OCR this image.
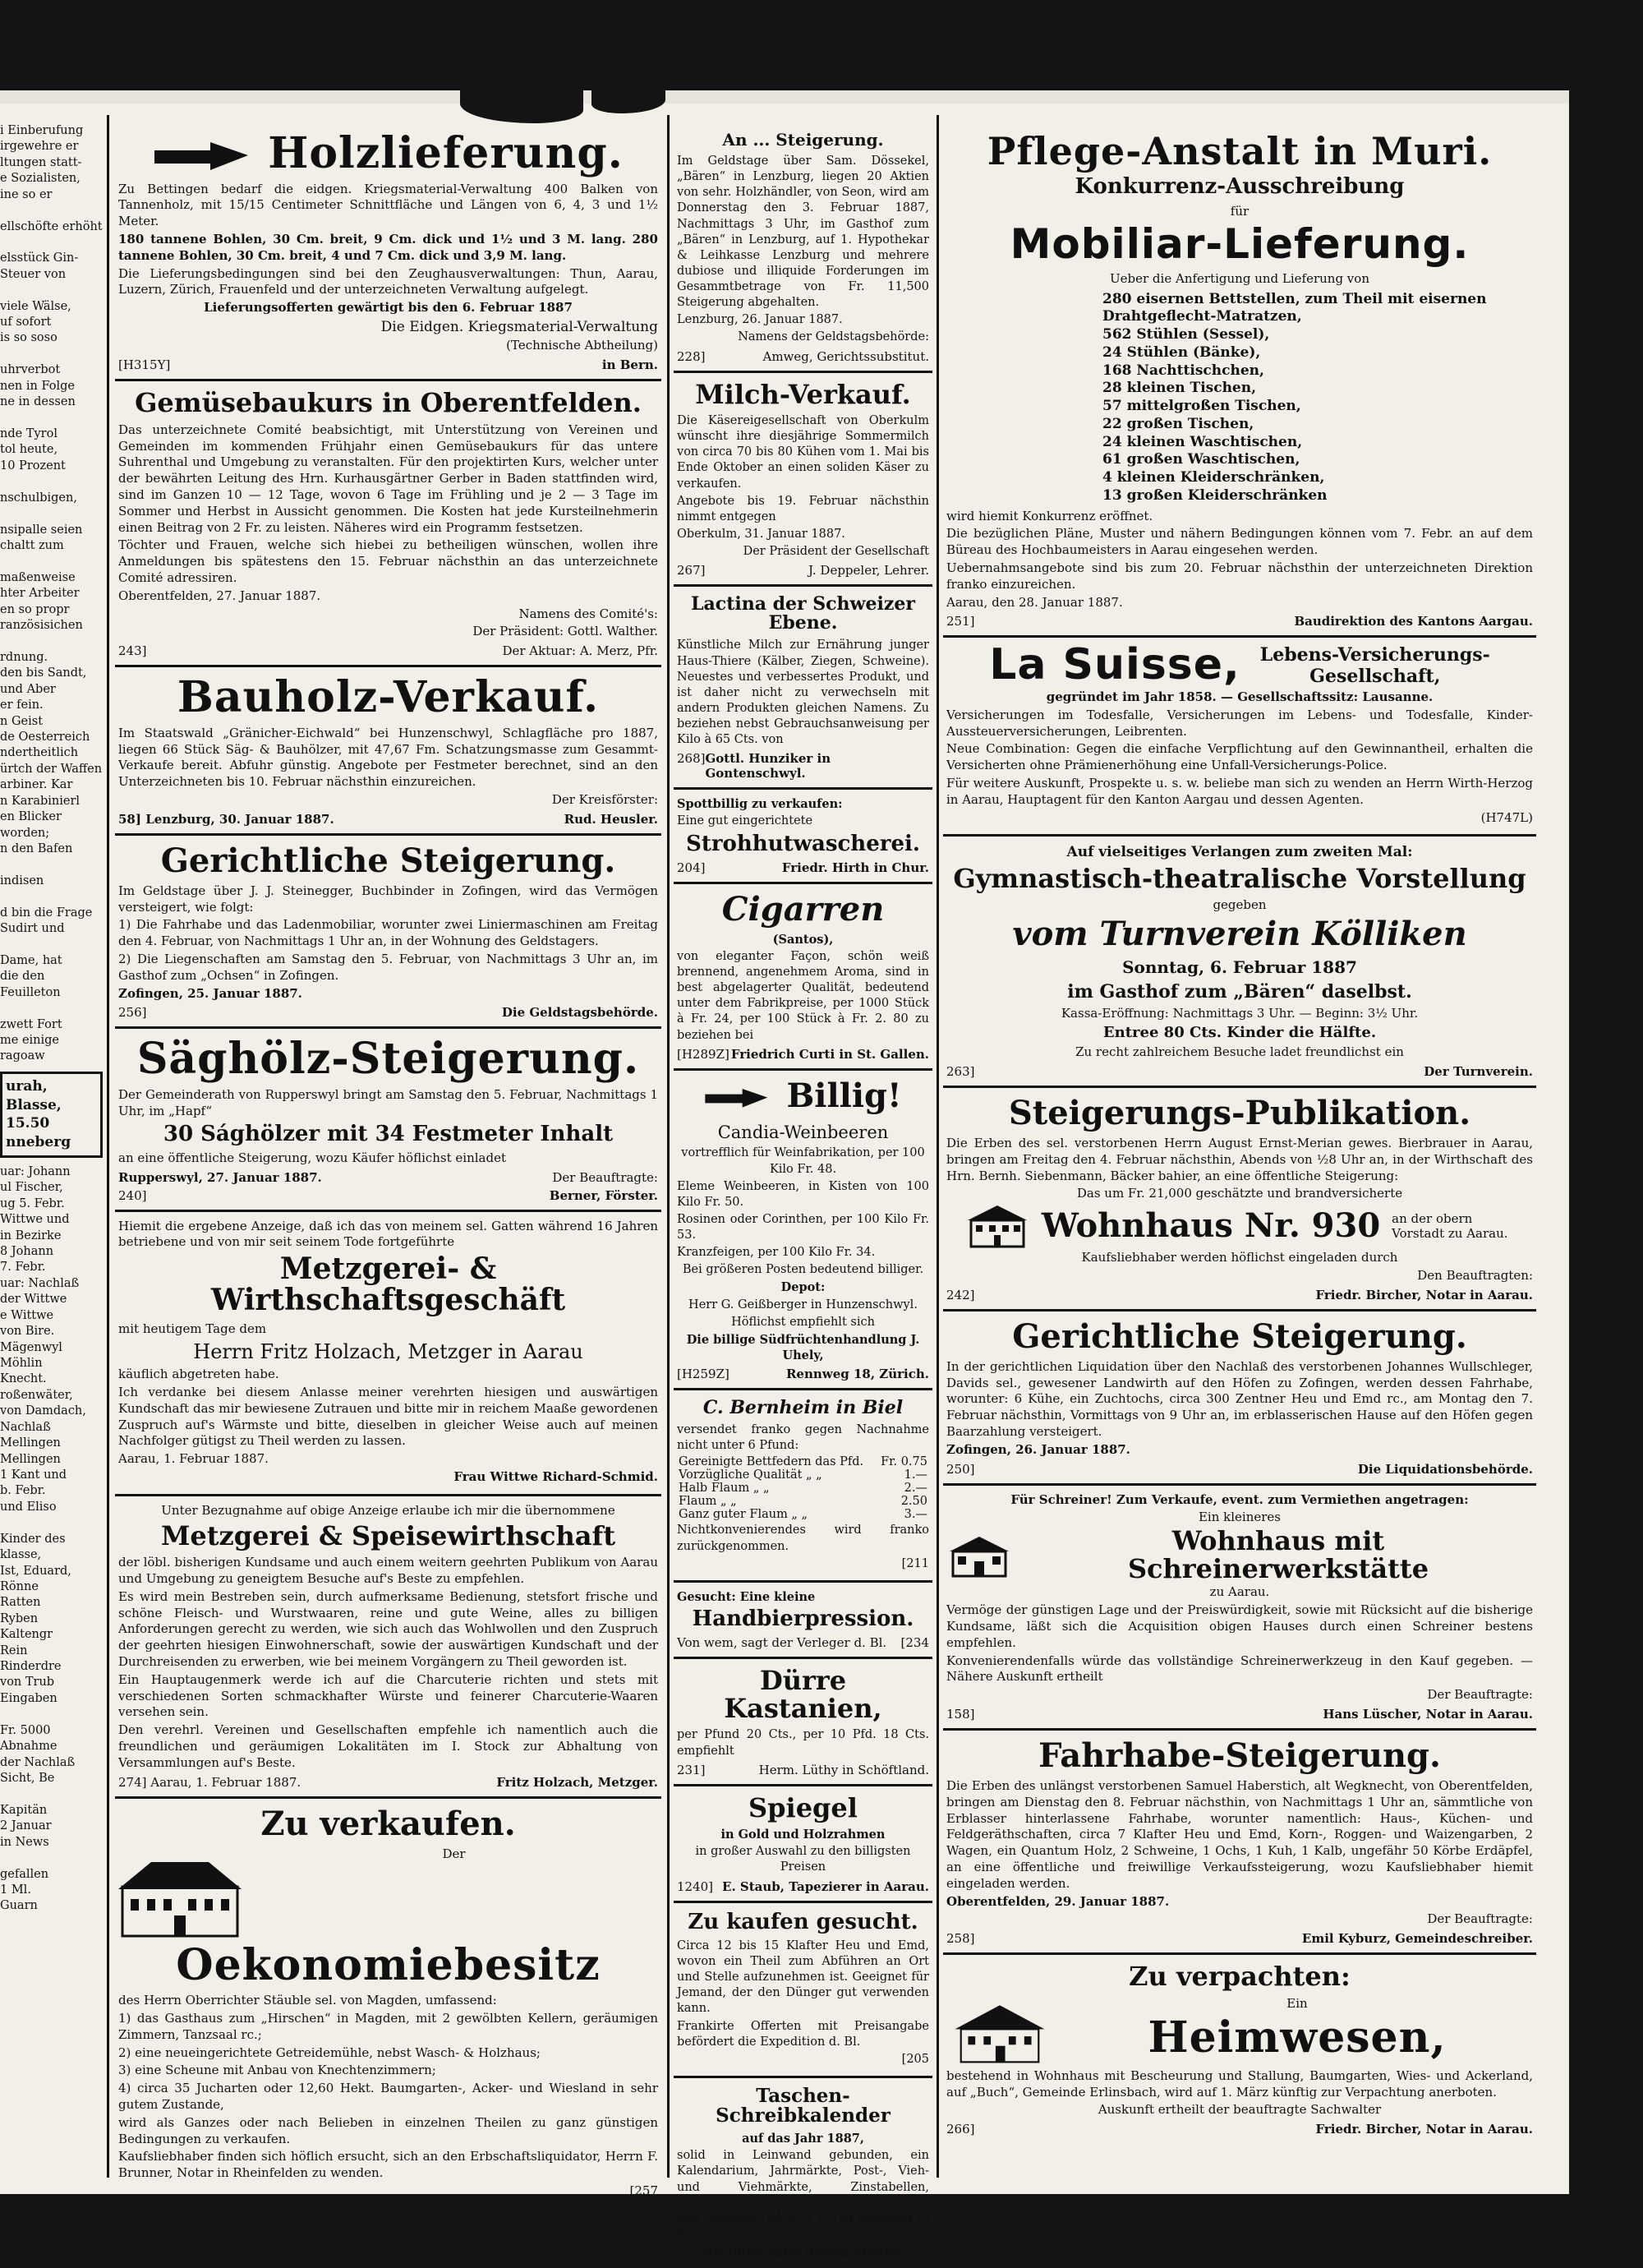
i Einberufung

irgewehre er

ltungen statt-

e Sozialisten,

ine so er

ellschöfte erhöht

elsstück Gin-

Steuer von

viele Wälse,

uf sofort

is so soso

uhrverbot

nen in Folge

ne in dessen

nde Tyrol

tol heute,

10 Prozent

nschulbigen,

nsipalle seien

chaltt zum

maßenweise

hter Arbeiter

en so propr

ranzösisichen

rdnung.

den bis Sandt,

und Aber

er fein.

n Geist

de Oesterreich

ndertheitlich

ürtch der Waffen

arbiner. Kar

n Karabinierl

en Blicker

worden;

n den Bafen

indisen

d bin die Frage

Sudirt und

Dame, hat

die den

Feuilleton

zwett Fort

me einige

ragoaw

urah,

Blasse,

15.50

nneberg

uar: Johann

ul Fischer,

ug 5. Febr.

Wittwe und

in Bezirke

8 Johann

7. Febr.

uar: Nachlaß

der Wittwe

e Wittwe

von Bire.

Mägenwyl

Möhlin

Knecht.

roßenwäter,

von Damdach,

Nachlaß

Mellingen

Mellingen

1 Kant und

b. Febr.

und Eliso

Kinder des

klasse,

Ist, Eduard,

Rönne

Ratten

Ryben

Kaltengr

Rein

Rinderdre

von Trub

Eingaben

Fr. 5000

Abnahme

der Nachlaß

Sicht, Be

Kapitän

2 Januar

in News

gefallen

1 Ml.

Guarn

Holzlieferung.

Zu Bettingen bedarf die eidgen. Kriegsmaterial-Verwaltung 400 Balken von Tannenholz, mit 15/15 Centimeter Schnittfläche und Längen von 6, 4, 3 und 1½ Meter.

180 tannene Bohlen, 30 Cm. breit, 9 Cm. dick und 1½ und 3 M. lang. 280 tannene Bohlen, 30 Cm. breit, 4 und 7 Cm. dick und 3,9 M. lang.

Die Lieferungsbedingungen sind bei den Zeughausverwaltungen: Thun, Aarau, Luzern, Zürich, Frauenfeld und der unterzeichneten Verwaltung aufgelegt.

Lieferungsofferten gewärtigt bis den 6. Februar 1887

Die Eidgen. Kriegsmaterial-Verwaltung

(Technische Abtheilung)

[H315Y]	in Bern.
Gemüsebaukurs in Oberentfelden.

Das unterzeichnete Comité beabsichtigt, mit Unterstützung von Vereinen und Gemeinden im kommenden Frühjahr einen Gemüsebaukurs für das untere Suhrenthal und Umgebung zu veranstalten. Für den projektirten Kurs, welcher unter der bewährten Leitung des Hrn. Kurhausgärtner Gerber in Baden stattfinden wird, sind im Ganzen 10 — 12 Tage, wovon 6 Tage im Frühling und je 2 — 3 Tage im Sommer und Herbst in Aussicht genommen. Die Kosten hat jede Kursteilnehmerin einen Beitrag von 2 Fr. zu leisten. Näheres wird ein Programm festsetzen.

Töchter und Frauen, welche sich hiebei zu betheiligen wünschen, wollen ihre Anmeldungen bis spätestens den 15. Februar nächsthin an das unterzeichnete Comité adressiren.

Oberentfelden, 27. Januar 1887.

Namens des Comité's:

Der Präsident: Gottl. Walther.

243]	Der Aktuar: A. Merz, Pfr.
Bauholz-Verkauf.

Im Staatswald „Gränicher-Eichwald“ bei Hunzenschwyl, Schlagfläche pro 1887, liegen 66 Stück Säg- & Bauhölzer, mit 47,67 Fm. Schatzungsmasse zum Gesammt-Verkaufe bereit. Abfuhr günstig. Angebote per Festmeter berechnet, sind an den Unterzeichneten bis 10. Februar nächsthin einzureichen.

Der Kreisförster:

58] Lenzburg, 30. Januar 1887.	Rud. Heusler.
Gerichtliche Steigerung.

Im Geldstage über J. J. Steinegger, Buchbinder in Zofingen, wird das Vermögen versteigert, wie folgt:

1) Die Fahrhabe und das Ladenmobiliar, worunter zwei Liniermaschinen am Freitag den 4. Februar, von Nachmittags 1 Uhr an, in der Wohnung des Geldstagers.

2) Die Liegenschaften am Samstag den 5. Februar, von Nachmittags 3 Uhr an, im Gasthof zum „Ochsen“ in Zofingen.

Zofingen, 25. Januar 1887.

256]	Die Geldstagsbehörde.
Säghölz-Steigerung.

Der Gemeinderath von Rupperswyl bringt am Samstag den 5. Februar, Nachmittags 1 Uhr, im „Hapf“

30 Sághölzer mit 34 Festmeter Inhalt

an eine öffentliche Steigerung, wozu Käufer höflichst einladet

Rupperswyl, 27. Januar 1887.	Der Beauftragte:
240]	Berner, Förster.

Hiemit die ergebene Anzeige, daß ich das von meinem sel. Gatten während 16 Jahren betriebene und von mir seit seinem Tode fortgeführte

Metzgerei- & Wirthschaftsgeschäft

mit heutigem Tage dem

Herrn Fritz Holzach, Metzger in Aarau

käuflich abgetreten habe.

Ich verdanke bei diesem Anlasse meiner verehrten hiesigen und auswärtigen Kundschaft das mir bewiesene Zutrauen und bitte mir in reichem Maaße gewordenen Zuspruch auf's Wärmste und bitte, dieselben in gleicher Weise auch auf meinen Nachfolger gütigst zu Theil werden zu lassen.

Aarau, 1. Februar 1887.

Frau Wittwe Richard-Schmid.

Unter Bezugnahme auf obige Anzeige erlaube ich mir die übernommene

Metzgerei & Speisewirthschaft

der löbl. bisherigen Kundsame und auch einem weitern geehrten Publikum von Aarau und Umgebung zu geneigtem Besuche auf's Beste zu empfehlen.

Es wird mein Bestreben sein, durch aufmerksame Bedienung, stetsfort frische und schöne Fleisch- und Wurstwaaren, reine und gute Weine, alles zu billigen Anforderungen gerecht zu werden, wie sich auch das Wohlwollen und den Zuspruch der geehrten hiesigen Einwohnerschaft, sowie der auswärtigen Kundschaft und der Durchreisenden zu erwerben, wie bei meinem Vorgängern zu Theil geworden ist.

Ein Hauptaugenmerk werde ich auf die Charcuterie richten und stets mit verschiedenen Sorten schmackhafter Würste und feinerer Charcuterie-Waaren versehen sein.

Den verehrl. Vereinen und Gesellschaften empfehle ich namentlich auch die freundlichen und geräumigen Lokalitäten im I. Stock zur Abhaltung von Versammlungen auf's Beste.

274] Aarau, 1. Februar 1887.	Fritz Holzach, Metzger.
Zu verkaufen.

Der

Oekonomiebesitz

des Herrn Oberrichter Stäuble sel. von Magden, umfassend:

1) das Gasthaus zum „Hirschen“ in Magden, mit 2 gewölbten Kellern, geräumigen Zimmern, Tanzsaal rc.;

2) eine neueingerichtete Getreidemühle, nebst Wasch- & Holzhaus;

3) eine Scheune mit Anbau von Knechtenzimmern;

4) circa 35 Jucharten oder 12,60 Hekt. Baumgarten-, Acker- und Wiesland in sehr gutem Zustande,

wird als Ganzes oder nach Belieben in einzelnen Theilen zu ganz günstigen Bedingungen zu verkaufen.

Kaufsliebhaber finden sich höflich ersucht, sich an den Erbschaftsliquidator, Herrn F. Brunner, Notar in Rheinfelden zu wenden.

[257

An ... Steigerung.

Im Geldstage über Sam. Dössekel, „Bären“ in Lenzburg, liegen 20 Aktien von sehr. Holzhändler, von Seon, wird am Donnerstag den 3. Februar 1887, Nachmittags 3 Uhr, im Gasthof zum „Bären“ in Lenzburg, auf 1. Hypothekar & Leihkasse Lenzburg und mehrere dubiose und illiquide Forderungen im Gesammtbetrage von Fr. 11,500 Steigerung abgehalten.

Lenzburg, 26. Januar 1887.

Namens der Geldstagsbehörde:

228]	Amweg, Gerichtssubstitut.
Milch-Verkauf.

Die Käsereigesellschaft von Oberkulm wünscht ihre diesjährige Sommermilch von circa 70 bis 80 Kühen vom 1. Mai bis Ende Oktober an einen soliden Käser zu verkaufen.

Angebote bis 19. Februar nächsthin nimmt entgegen

Oberkulm, 31. Januar 1887.

Der Präsident der Gesellschaft

267]	J. Deppeler, Lehrer.
Lactina der Schweizer Ebene.

Künstliche Milch zur Ernährung junger Haus-Thiere (Kälber, Ziegen, Schweine). Neuestes und verbessertes Produkt, und ist daher nicht zu verwechseln mit andern Produkten gleichen Namens. Zu beziehen nebst Gebrauchsanweisung per Kilo à 65 Cts. von

268] Gottl. Hunziker in Gontenschwyl.

Spottbillig zu verkaufen:

Eine gut eingerichtete

Strohhutwascherei.
204]	Friedr. Hirth in Chur.
Cigarren

(Santos),

von eleganter Façon, schön weiß brennend, angenehmem Aroma, sind in best abgelagerter Qualität, bedeutend unter dem Fabrikpreise, per 1000 Stück à Fr. 24, per 100 Stück à Fr. 2. 80 zu beziehen bei

[H289Z] Friedrich Curti in St. Gallen.
Billig!

Candia-Weinbeeren

vortrefflich für Weinfabrikation, per 100 Kilo Fr. 48.

Eleme Weinbeeren, in Kisten von 100 Kilo Fr. 50.

Rosinen oder Corinthen, per 100 Kilo Fr. 53.

Kranzfeigen, per 100 Kilo Fr. 34.

Bei größeren Posten bedeutend billiger.

Depot:

Herr G. Geißberger in Hunzenschwyl.

Höflichst empfiehlt sich

Die billige Südfrüchtenhandlung J. Uhely,

[H259Z]	Rennweg 18, Zürich.
C. Bernheim in Biel

versendet franko gegen Nachnahme nicht unter 6 Pfund:

Gereinigte Bettfedern das Pfd.	Fr. 0.75
Vorzügliche Qualität „ „	1.—
Halb Flaum „ „	2.—
Flaum „ „	2.50
Ganz guter Flaum „ „	3.—

Nichtkonvenierendes wird franko zurückgenommen.

[211

Gesucht: Eine kleine

Handbierpression.
Von wem, sagt der Verleger d. Bl. [234
Dürre Kastanien,

per Pfund 20 Cts., per 10 Pfd. 18 Cts. empfiehlt

231]	Herm. Lüthy in Schöftland.
Spiegel

in Gold und Holzrahmen

in großer Auswahl zu den billigsten Preisen

1240] E. Staub, Tapezierer in Aarau.
Zu kaufen gesucht.

Circa 12 bis 15 Klafter Heu und Emd, wovon ein Theil zum Abführen an Ort und Stelle aufzunehmen ist. Geeignet für Jemand, der den Dünger gut verwenden kann.

Frankirte Offerten mit Preisangabe befördert die Expedition d. Bl.

[205

Taschen-Schreibkalender

auf das Jahr 1887,

solid in Leinwand gebunden, ein Kalendarium, Jahrmärkte, Post-, Vieh- und Viehmärkte, Zinstabellen, Fahrtenpläne, Verzeichniß der Behörden und Beamten, ist zu 1 Fr. zu beziehen in der

Buchdruckerei dieses Blattes.

Pflege-Anstalt in Muri.
Konkurrenz-Ausschreibung

für

Mobiliar-Lieferung.

Ueber die Anfertigung und Lieferung von

280 eisernen Bettstellen, zum Theil mit eisernen
Drahtgeflecht-Matratzen,
562 Stühlen (Sessel),
24 Stühlen (Bänke),
168 Nachttischchen,
28 kleinen Tischen,
57 mittelgroßen Tischen,
22 großen Tischen,
24 kleinen Waschtischen,
61 großen Waschtischen,
4 kleinen Kleiderschränken,
13 großen Kleiderschränken

wird hiemit Konkurrenz eröffnet.

Die bezüglichen Pläne, Muster und nähern Bedingungen können vom 7. Febr. an auf dem Büreau des Hochbaumeisters in Aarau eingesehen werden.

Uebernahmsangebote sind bis zum 20. Februar nächsthin der unterzeichneten Direktion franko einzureichen.

Aarau, den 28. Januar 1887.

251]	Baudirektion des Kantons Aargau.
La Suisse, Lebens-Versicherungs-
Gesellschaft,

gegründet im Jahr 1858. — Gesellschaftssitz: Lausanne.

Versicherungen im Todesfalle, Versicherungen im Lebens- und Todesfalle, Kinder-Aussteuerversicherungen, Leibrenten.

Neue Combination: Gegen die einfache Verpflichtung auf den Gewinnantheil, erhalten die Versicherten ohne Prämienerhöhung eine Unfall-Versicherungs-Police.

Für weitere Auskunft, Prospekte u. s. w. beliebe man sich zu wenden an Herrn Wirth-Herzog in Aarau, Hauptagent für den Kanton Aargau und dessen Agenten.

(H747L)

Auf vielseitiges Verlangen zum zweiten Mal:

Gymnastisch-theatralische Vorstellung

gegeben

vom Turnverein Kölliken

Sonntag, 6. Februar 1887

im Gasthof zum „Bären“ daselbst.

Kassa-Eröffnung: Nachmittags 3 Uhr. — Beginn: 3½ Uhr.

Entree 80 Cts. Kinder die Hälfte.

Zu recht zahlreichem Besuche ladet freundlichst ein

263]	Der Turnverein.
Steigerungs-Publikation.

Die Erben des sel. verstorbenen Herrn August Ernst-Merian gewes. Bierbrauer in Aarau, bringen am Freitag den 4. Februar nächsthin, Abends von ½8 Uhr an, in der Wirthschaft des Hrn. Bernh. Siebenmann, Bäcker bahier, an eine öffentliche Steigerung:

Das um Fr. 21,000 geschätzte und brandversicherte

Wohnhaus Nr. 930 an der obern Vorstadt zu Aarau.

Kaufsliebhaber werden höflichst eingeladen durch

Den Beauftragten:

242]	Friedr. Bircher, Notar in Aarau.
Gerichtliche Steigerung.

In der gerichtlichen Liquidation über den Nachlaß des verstorbenen Johannes Wullschleger, Davids sel., gewesener Landwirth auf den Höfen zu Zofingen, werden dessen Fahrhabe, worunter: 6 Kühe, ein Zuchtochs, circa 300 Zentner Heu und Emd rc., am Montag den 7. Februar nächsthin, Vormittags von 9 Uhr an, im erblasserischen Hause auf den Höfen gegen Baarzahlung versteigert.

Zofingen, 26. Januar 1887.

250]	Die Liquidationsbehörde.

Für Schreiner! Zum Verkaufe, event. zum Vermiethen angetragen:

Ein kleineres

Wohnhaus mit Schreinerwerkstätte

zu Aarau.

Vermöge der günstigen Lage und der Preiswürdigkeit, sowie mit Rücksicht auf die bisherige Kundsame, läßt sich die Acquisition obigen Hauses durch einen Schreiner bestens empfehlen.

Konvenierendenfalls würde das vollständige Schreinerwerkzeug in den Kauf gegeben. — Nähere Auskunft ertheilt

Der Beauftragte:

158]	Hans Lüscher, Notar in Aarau.
Fahrhabe-Steigerung.

Die Erben des unlängst verstorbenen Samuel Haberstich, alt Wegknecht, von Oberentfelden, bringen am Dienstag den 8. Februar nächsthin, von Nachmittags 1 Uhr an, sämmtliche von Erblasser hinterlassene Fahrhabe, worunter namentlich: Haus-, Küchen- und Feldgeräthschaften, circa 7 Klafter Heu und Emd, Korn-, Roggen- und Waizengarben, 2 Wagen, ein Quantum Holz, 2 Schweine, 1 Ochs, 1 Kuh, 1 Kalb, ungefähr 50 Körbe Erdäpfel, an eine öffentliche und freiwillige Verkaufssteigerung, wozu Kaufsliebhaber hiemit eingeladen werden.

Oberentfelden, 29. Januar 1887.

Der Beauftragte:

258]	Emil Kyburz, Gemeindeschreiber.
Zu verpachten:

Ein

Heimwesen,

bestehend in Wohnhaus mit Bescheurung und Stallung, Baumgarten, Wies- und Ackerland, auf „Buch“, Gemeinde Erlinsbach, wird auf 1. März künftig zur Verpachtung anerboten.

Auskunft ertheilt der beauftragte Sachwalter

266]	Friedr. Bircher, Notar in Aarau.
